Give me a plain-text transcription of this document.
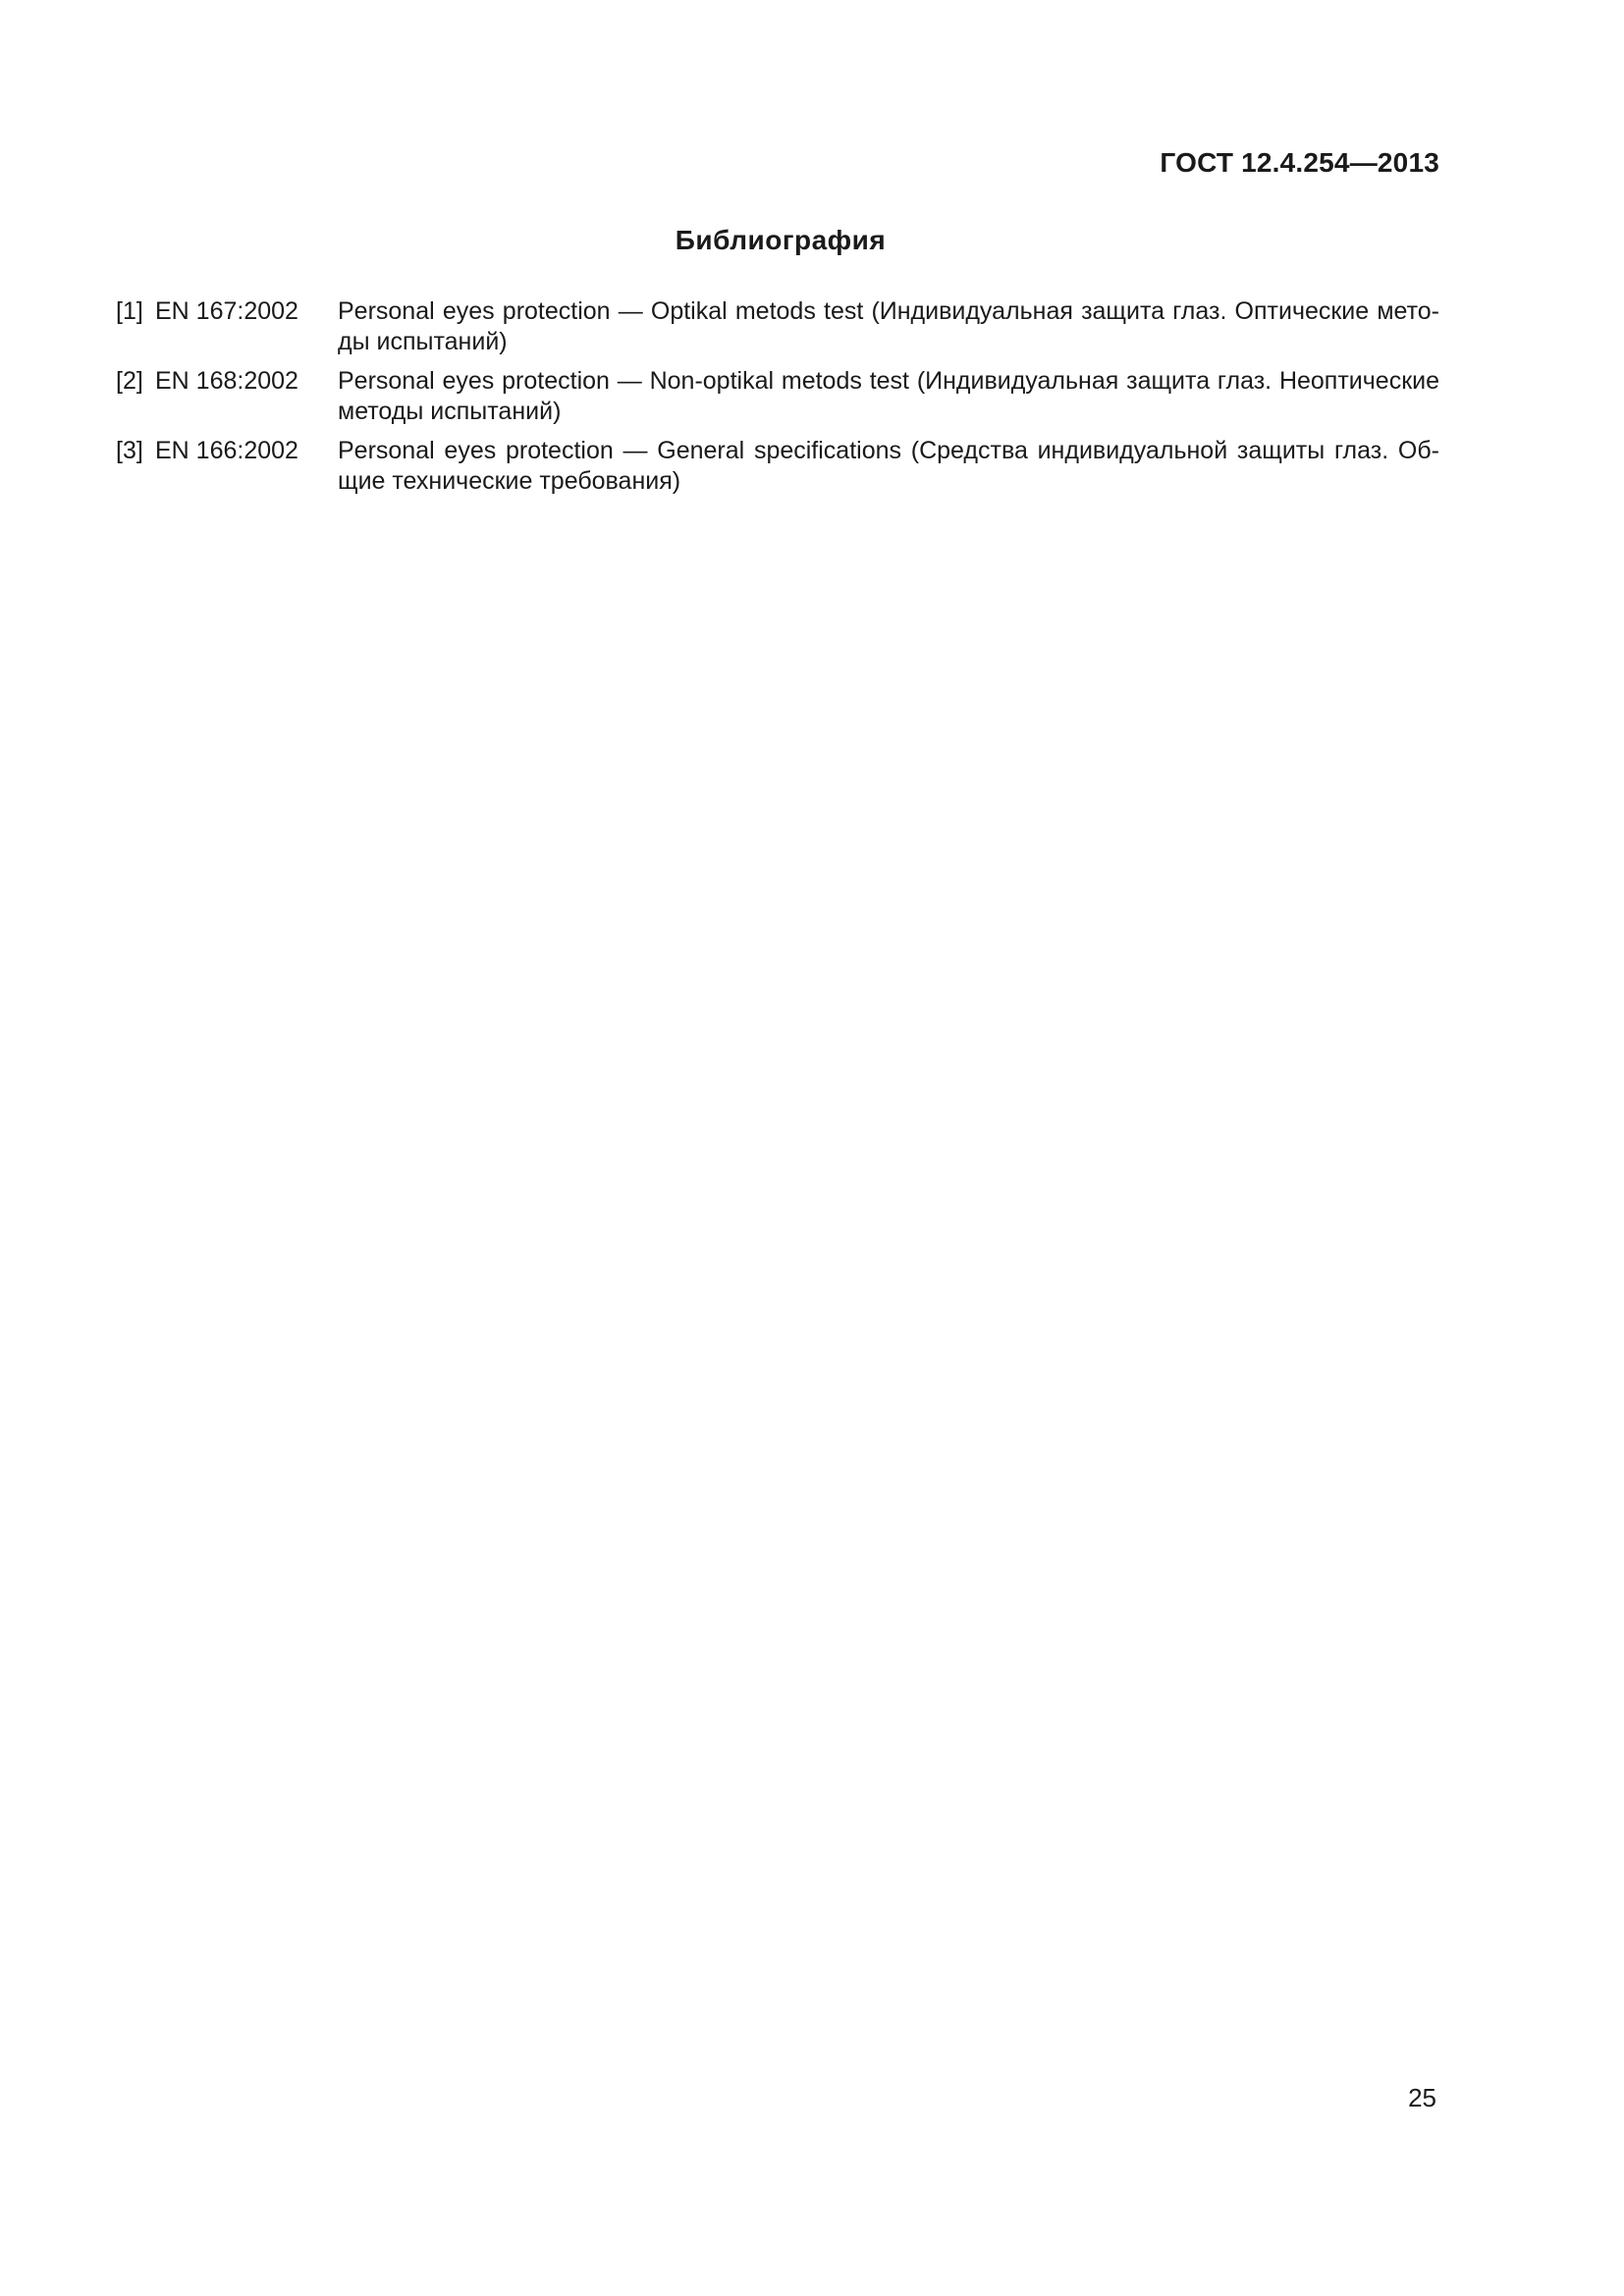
ГОСТ 12.4.254—2013
Библиография
[1] EN 167:2002	Personal eyes protection — Optikal metods test (Индивидуальная защита глаз. Оптические мето-ды испытаний)
[2] EN 168:2002	Personal eyes protection — Non-optikal metods test (Индивидуальная защита глаз. Неоптические методы испытаний)
[3] EN 166:2002	Personal eyes protection — General specifications (Средства индивидуальной защиты глаз. Об-щие технические требования)
25
